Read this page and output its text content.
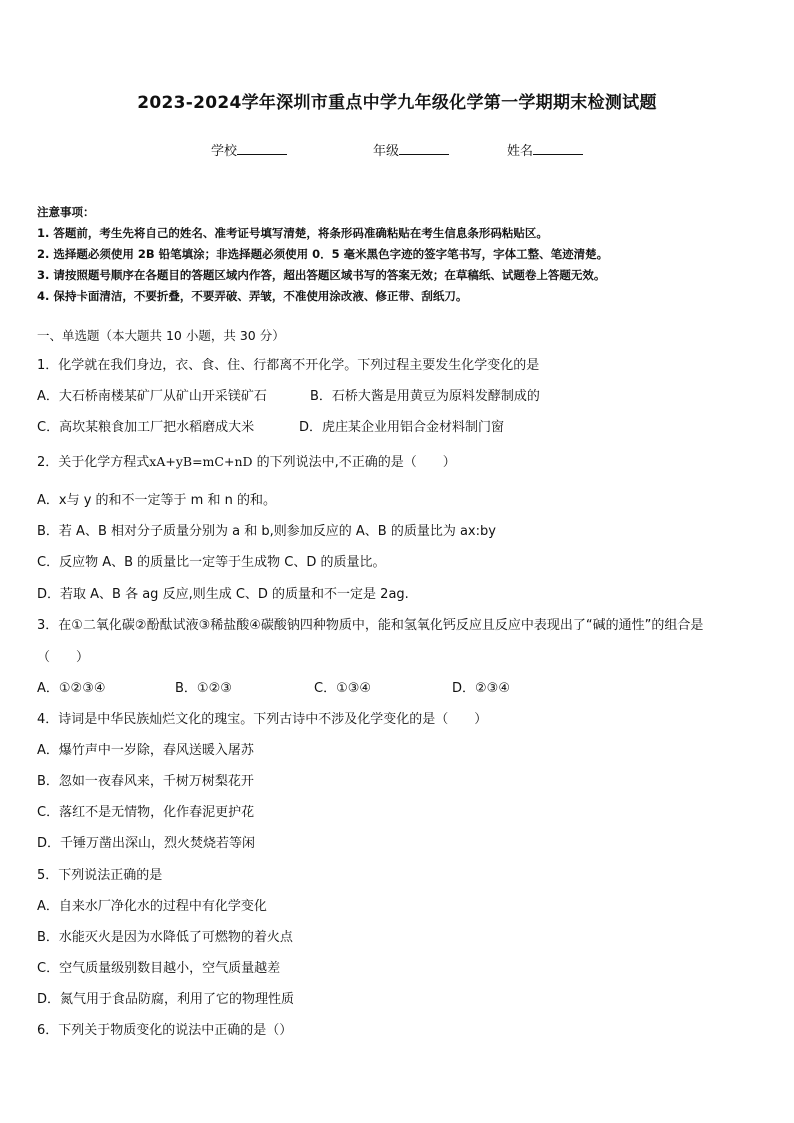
2023-2024学年深圳市重点中学九年级化学第一学期期末检测试题
学校	年级	姓名
注意事项：
1. 答题前，考生先将自己的姓名、准考证号填写清楚，将条形码准确粘贴在考生信息条形码粘贴区。
2. 选择题必须使用 2B 铅笔填涂；非选择题必须使用 0．5 毫米黑色字迹的签字笔书写，字体工整、笔迹清楚。
3. 请按照题号顺序在各题目的答题区域内作答，超出答题区域书写的答案无效；在草稿纸、试题卷上答题无效。
4. 保持卡面清洁，不要折叠，不要弄破、弄皱，不准使用涂改液、修正带、刮纸刀。
一、单选题（本大题共 10 小题，共 30 分）
1．化学就在我们身边，衣、食、住、行都离不开化学。下列过程主要发生化学变化的是
A．大石桥南楼某矿厂从矿山开采镁矿石	B．石桥大酱是用黄豆为原料发酵制成的
C．高坎某粮食加工厂把水稻磨成大米	D．虎庄某企业用铝合金材料制门窗
2．关于化学方程式xA+yB=mC+nD 的下列说法中,不正确的是（　　）
A．x与 y 的和不一定等于 m 和 n 的和。
B．若 A、B 相对分子质量分别为 a 和 b,则参加反应的 A、B 的质量比为 ax:by
C．反应物 A、B 的质量比一定等于生成物 C、D 的质量比。
D．若取 A、B 各 ag 反应,则生成 C、D 的质量和不一定是 2ag.
3．在①二氧化碳②酚酞试液③稀盐酸④碳酸钠四种物质中，能和氢氧化钙反应且反应中表现出了“碱的通性”的组合是
（　　）
A．①②③④	B．①②③	C．①③④	D．②③④
4．诗词是中华民族灿烂文化的瑰宝。下列古诗中不涉及化学变化的是（　　）
A．爆竹声中一岁除，春风送暖入屠苏
B．忽如一夜春风来，千树万树梨花开
C．落红不是无情物，化作春泥更护花
D．千锤万凿出深山，烈火焚烧若等闲
5．下列说法正确的是
A．自来水厂净化水的过程中有化学变化
B．水能灭火是因为水降低了可燃物的着火点
C．空气质量级别数目越小，空气质量越差
D．氮气用于食品防腐，利用了它的物理性质
6．下列关于物质变化的说法中正确的是（）
